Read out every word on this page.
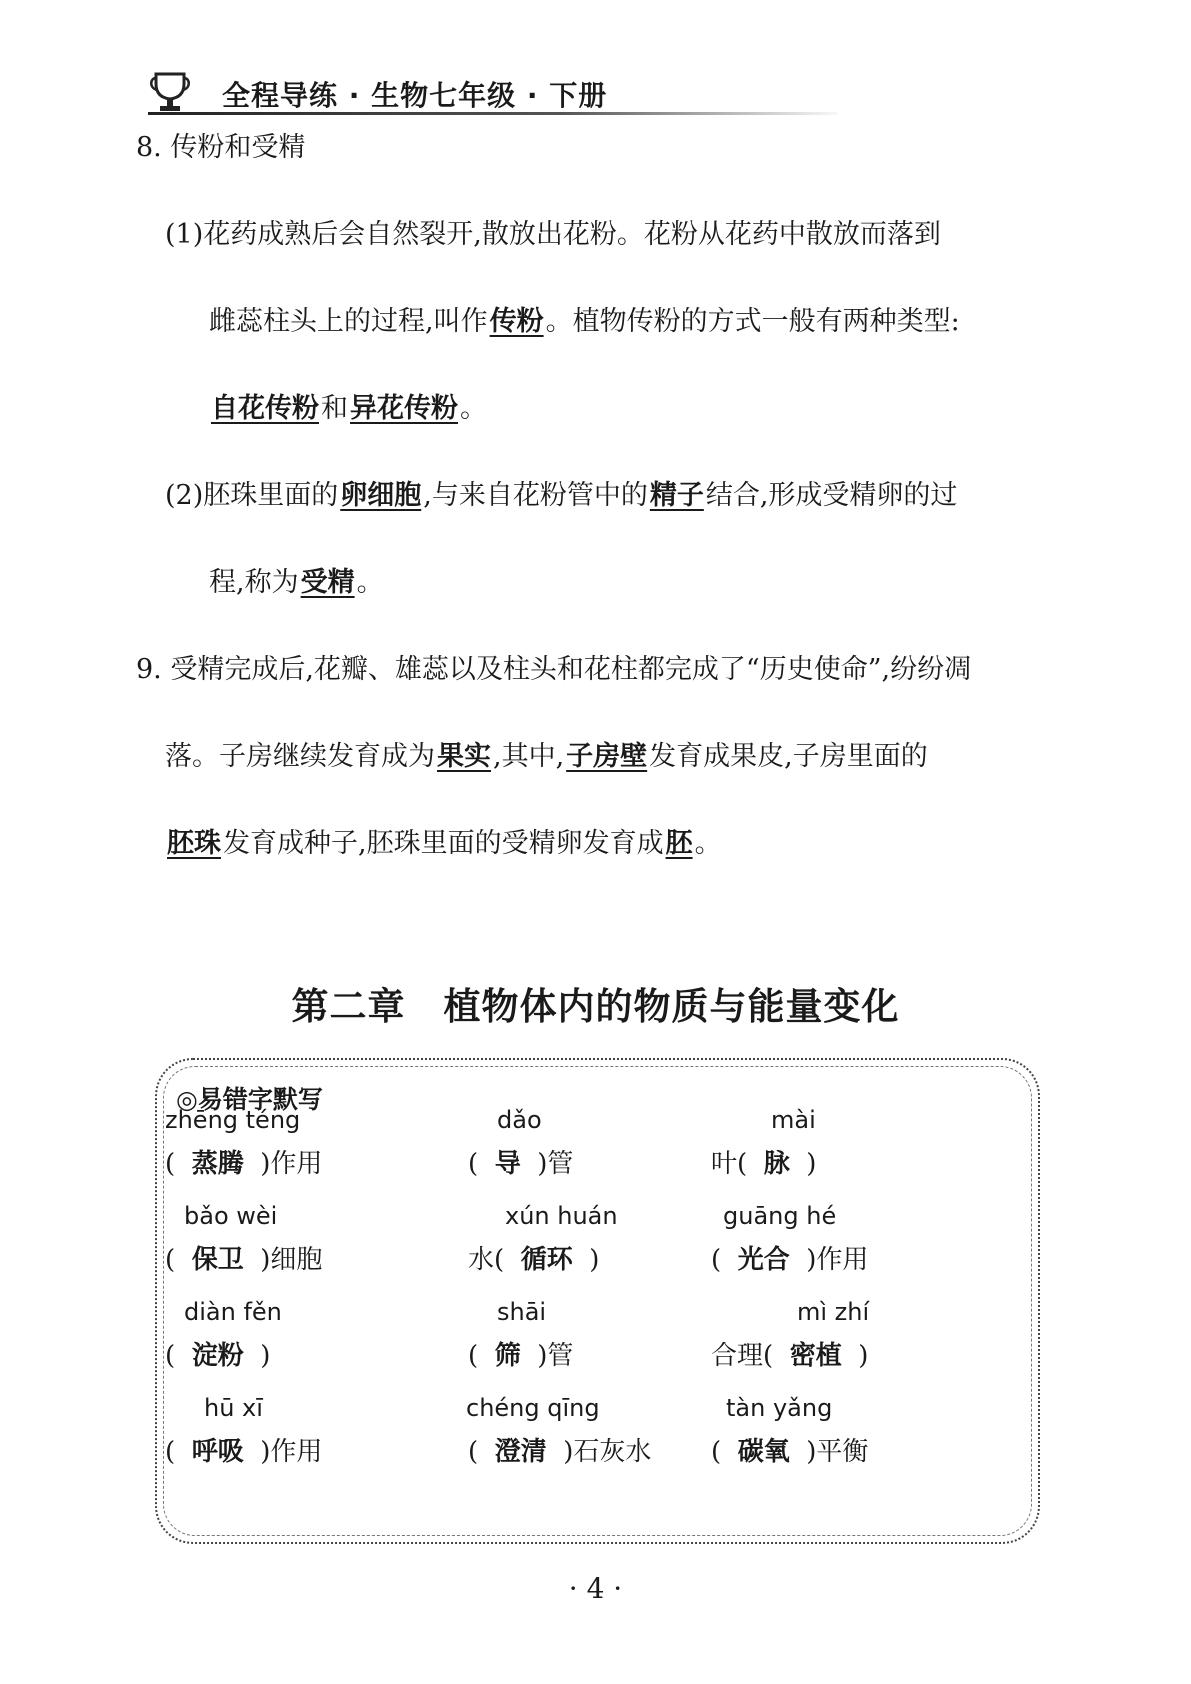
全程导练 · 生物七年级 · 下册
8. 传粉和受精
(1)花药成熟后会自然裂开,散放出花粉。花粉从花药中散放而落到
雌蕊柱头上的过程,叫作传粉。植物传粉的方式一般有两种类型:
自花传粉和异花传粉。
(2)胚珠里面的卵细胞,与来自花粉管中的精子结合,形成受精卵的过
程,称为受精。
9. 受精完成后,花瓣、雄蕊以及柱头和花柱都完成了“历史使命”,纷纷凋
落。子房继续发育成为果实,其中,子房壁发育成果皮,子房里面的
胚珠发育成种子,胚珠里面的受精卵发育成胚。
第二章　植物体内的物质与能量变化
◎易错字默写
zhēng téng
(  蒸腾  )作用
dǎo
(  导  )管
mài
叶(  脉  )
bǎo wèi
(  保卫  )细胞
xún huán
水(  循环  )
guāng hé
(  光合  )作用
diàn fěn
(  淀粉  )
shāi
(  筛  )管
mì zhí
合理(  密植  )
hū xī
(  呼吸  )作用
chéng qīng
(  澄清  )石灰水
tàn yǎng
(  碳氧  )平衡
· 4 ·
